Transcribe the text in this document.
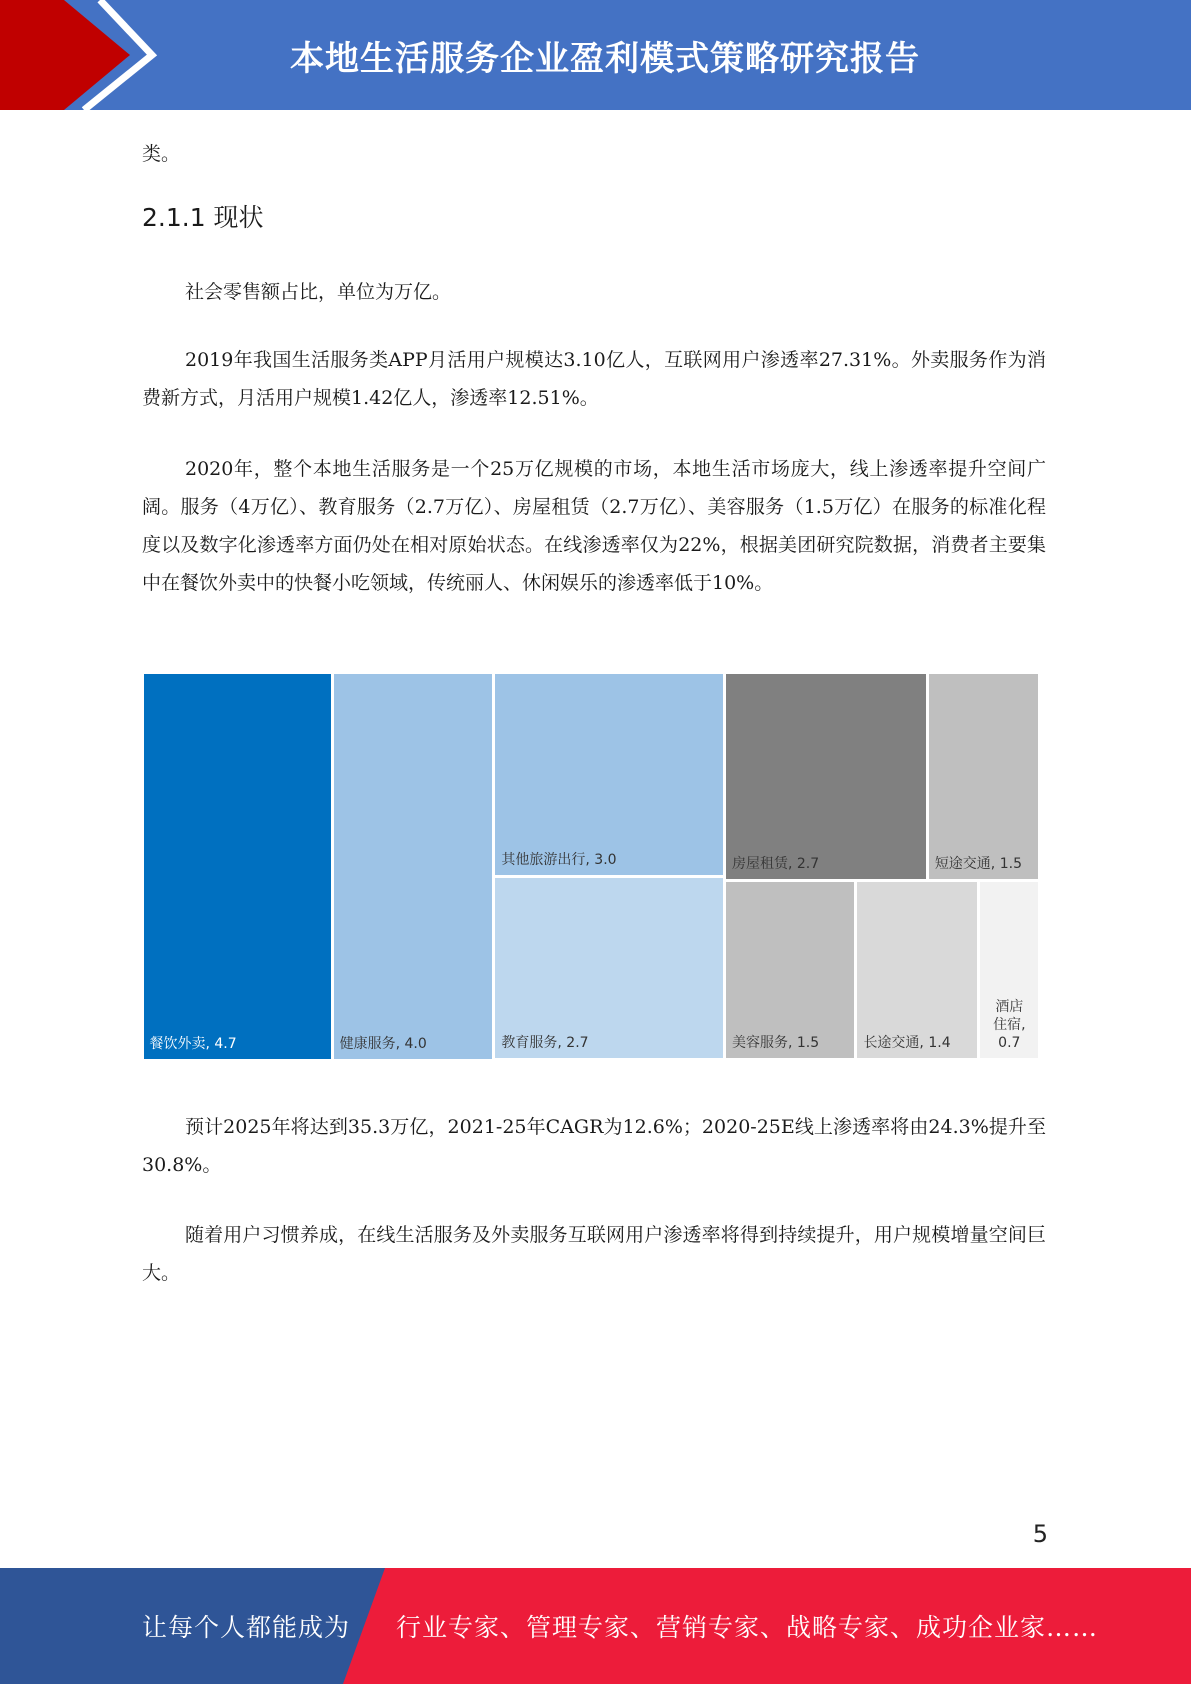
本地生活服务企业盈利模式策略研究报告

类。

2.1.1 现状

社会零售额占比，单位为万亿。

2019年我国生活服务类APP月活用户规模达3.10亿人，互联网用户渗透率27.31%。外卖服务作为消费新方式，月活用户规模1.42亿人，渗透率12.51%。

2020年，整个本地生活服务是一个25万亿规模的市场，本地生活市场庞大，线上渗透率提升空间广阔。服务（4万亿）、教育服务（2.7万亿）、房屋租赁（2.7万亿）、美容服务（1.5万亿）在服务的标准化程度以及数字化渗透率方面仍处在相对原始状态。在线渗透率仅为22%，根据美团研究院数据，消费者主要集中在餐饮外卖中的快餐小吃领域，传统丽人、休闲娱乐的渗透率低于10%。

餐饮外卖, 4.7	健康服务, 4.0
其他旅游出行, 3.0
教育服务, 2.7
房屋租赁, 2.7	短途交通, 1.5
美容服务, 1.5	长途交通, 1.4
酒店
住宿,
0.7

预计2025年将达到35.3万亿，2021-25年CAGR为12.6%；2020-25E线上渗透率将由24.3%提升至30.8%。

随着用户习惯养成，在线生活服务及外卖服务互联网用户渗透率将得到持续提升，用户规模增量空间巨大。

5
让每个人都能成为 行业专家、管理专家、营销专家、战略专家、成功企业家……
